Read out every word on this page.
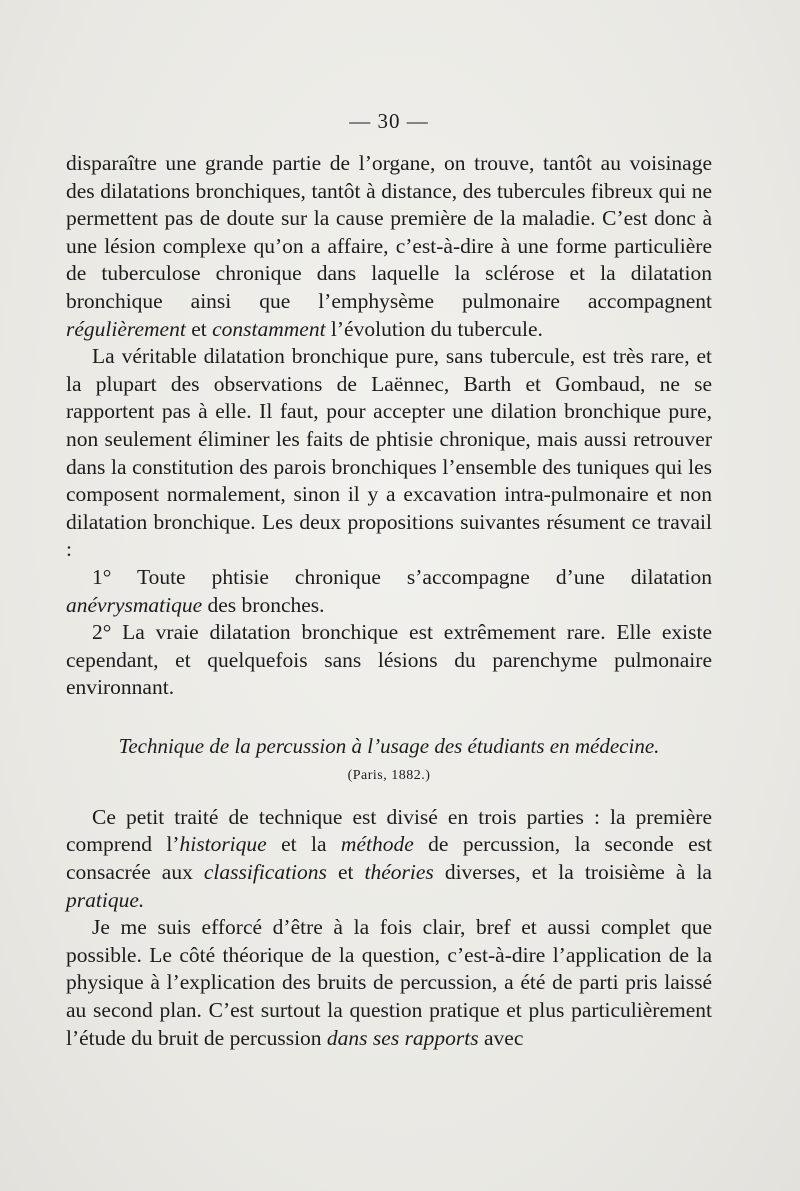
— 30 —

disparaître une grande partie de l’organe, on trouve, tantôt au voisinage des dilatations bronchiques, tantôt à distance, des tubercules fibreux qui ne permettent pas de doute sur la cause première de la maladie. C’est donc à une lésion complexe qu’on a affaire, c’est-à-dire à une forme particulière de tuberculose chronique dans laquelle la sclérose et la dilatation bronchique ainsi que l’emphysème pulmonaire accompagnent régulièrement et constamment l’évolution du tubercule.

La véritable dilatation bronchique pure, sans tubercule, est très rare, et la plupart des observations de Laënnec, Barth et Gombaud, ne se rapportent pas à elle. Il faut, pour accepter une dilation bronchique pure, non seulement éliminer les faits de phtisie chronique, mais aussi retrouver dans la constitution des parois bronchiques l’ensemble des tuniques qui les composent normalement, sinon il y a excavation intra-pulmonaire et non dilatation bronchique. Les deux propositions suivantes résument ce travail :

1° Toute phtisie chronique s’accompagne d’une dilatation anévrysmatique des bronches.

2° La vraie dilatation bronchique est extrêmement rare. Elle existe cependant, et quelquefois sans lésions du parenchyme pulmonaire environnant.

Technique de la percussion à l’usage des étudiants en médecine.
(Paris, 1882.)

Ce petit traité de technique est divisé en trois parties : la première comprend l’historique et la méthode de percussion, la seconde est consacrée aux classifications et théories diverses, et la troisième à la pratique.

Je me suis efforcé d’être à la fois clair, bref et aussi complet que possible. Le côté théorique de la question, c’est-à-dire l’application de la physique à l’explication des bruits de percussion, a été de parti pris laissé au second plan. C’est surtout la question pratique et plus particulièrement l’étude du bruit de percussion dans ses rapports avec
